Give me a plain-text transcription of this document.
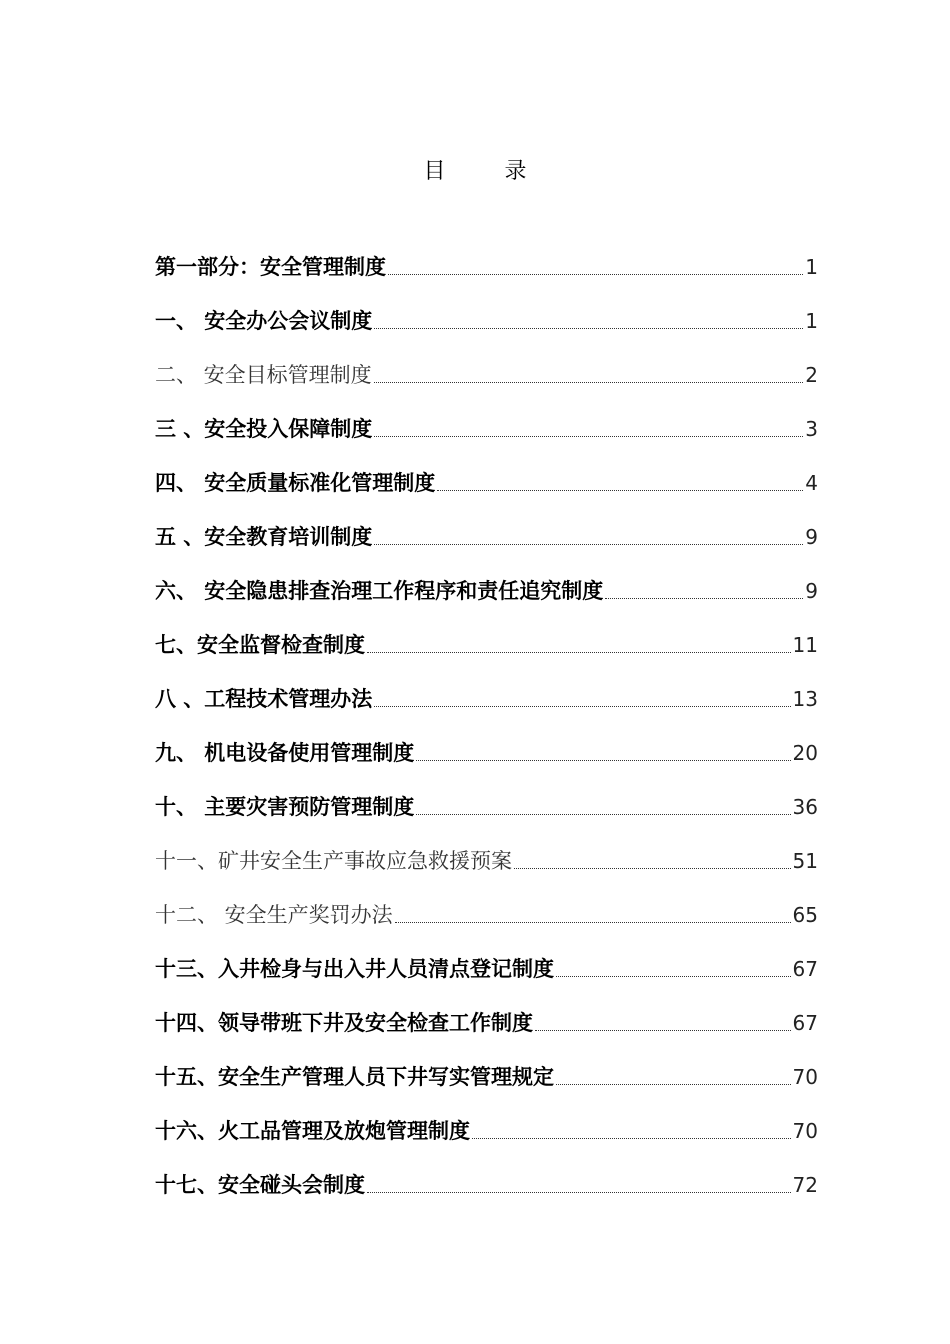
目 录
第一部分：安全管理制度	1
一、 安全办公会议制度	1
二、 安全目标管理制度	2
三 、安全投入保障制度	3
四、 安全质量标准化管理制度	4
五 、安全教育培训制度	9
六、 安全隐患排查治理工作程序和责任追究制度	9
七、安全监督检查制度	11
八 、工程技术管理办法	13
九、 机电设备使用管理制度	20
十、 主要灾害预防管理制度	36
十一、矿井安全生产事故应急救援预案	51
十二、 安全生产奖罚办法	65
十三、入井检身与出入井人员清点登记制度	67
十四、领导带班下井及安全检查工作制度	67
十五、安全生产管理人员下井写实管理规定	70
十六、火工品管理及放炮管理制度	70
十七、安全碰头会制度	72
